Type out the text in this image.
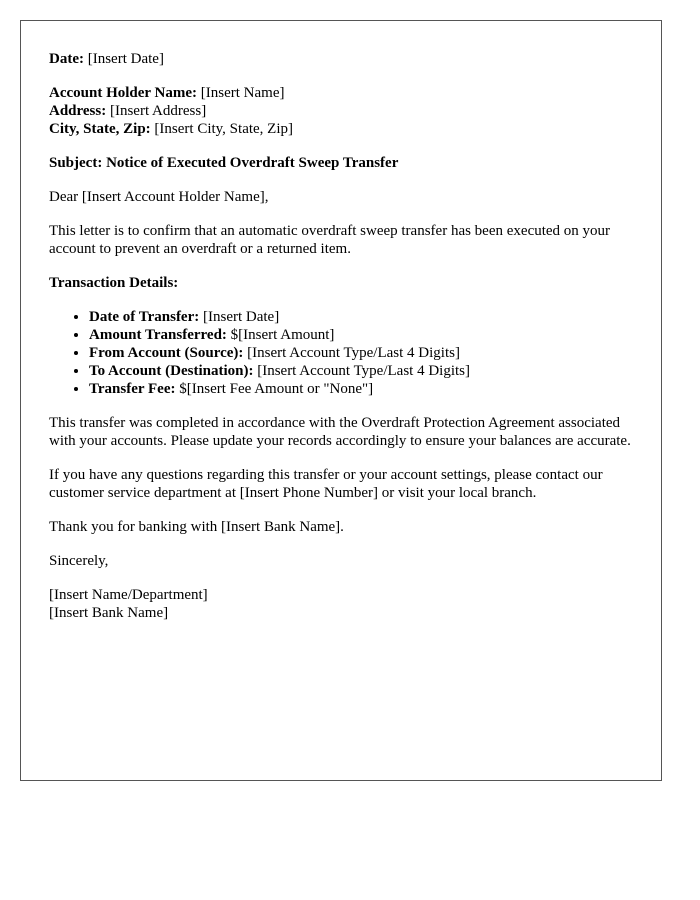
Date: [Insert Date]

Account Holder Name: [Insert Name]
Address: [Insert Address]
City, State, Zip: [Insert City, State, Zip]

Subject: Notice of Executed Overdraft Sweep Transfer

Dear [Insert Account Holder Name],

This letter is to confirm that an automatic overdraft sweep transfer has been executed on your account to prevent an overdraft or a returned item.

Transaction Details:

• Date of Transfer: [Insert Date]
• Amount Transferred: $[Insert Amount]
• From Account (Source): [Insert Account Type/Last 4 Digits]
• To Account (Destination): [Insert Account Type/Last 4 Digits]
• Transfer Fee: $[Insert Fee Amount or "None"]

This transfer was completed in accordance with the Overdraft Protection Agreement associated with your accounts. Please update your records accordingly to ensure your balances are accurate.

If you have any questions regarding this transfer or your account settings, please contact our customer service department at [Insert Phone Number] or visit your local branch.

Thank you for banking with [Insert Bank Name].

Sincerely,

[Insert Name/Department]
[Insert Bank Name]
